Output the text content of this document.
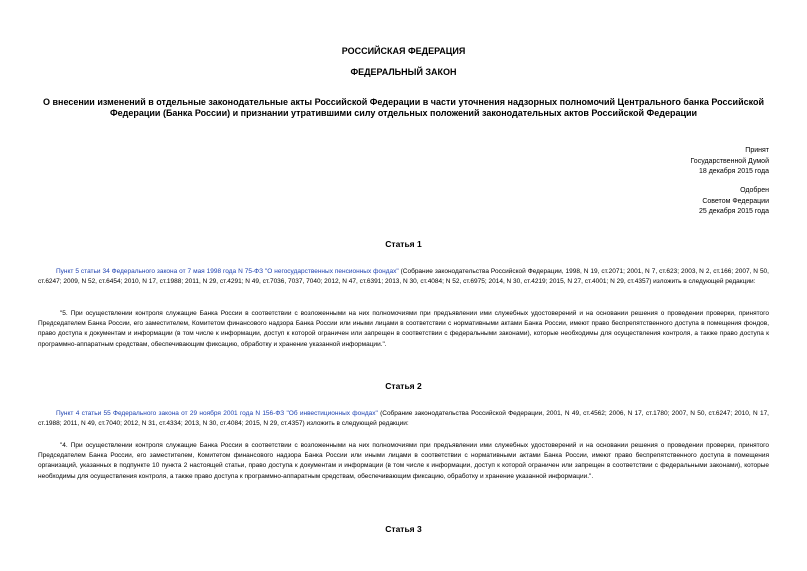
РОССИЙСКАЯ ФЕДЕРАЦИЯ
ФЕДЕРАЛЬНЫЙ ЗАКОН
О внесении изменений в отдельные законодательные акты Российской Федерации в части уточнения надзорных полномочий Центрального банка Российской Федерации (Банка России) и признании утратившими силу отдельных положений законодательных актов Российской Федерации
Принят
Государственной Думой
18 декабря 2015 года
Одобрен
Советом Федерации
25 декабря 2015 года
Статья 1
Пункт 5 статьи 34 Федерального закона от 7 мая 1998 года N 75-ФЗ "О негосударственных пенсионных фондах" (Собрание законодательства Российской Федерации, 1998, N 19, ст.2071; 2001, N 7, ст.623; 2003, N 2, ст.166; 2007, N 50, ст.6247; 2009, N 52, ст.6454; 2010, N 17, ст.1988; 2011, N 29, ст.4291; N 49, ст.7036, 7037, 7040; 2012, N 47, ст.6391; 2013, N 30, ст.4084; N 52, ст.6975; 2014, N 30, ст.4219; 2015, N 27, ст.4001; N 29, ст.4357) изложить в следующей редакции:
"5. При осуществлении контроля служащие Банка России в соответствии с возложенными на них полномочиями при предъявлении ими служебных удостоверений и на основании решения о проведении проверки, принятого Председателем Банка России, его заместителем, Комитетом финансового надзора Банка России или иными лицами в соответствии с нормативными актами Банка России, имеют право беспрепятственного доступа в помещения фондов, право доступа к документам и информации (в том числе к информации, доступ к которой ограничен или запрещен в соответствии с федеральными законами), которые необходимы для осуществления контроля, а также право доступа к программно-аппаратным средствам, обеспечивающим фиксацию, обработку и хранение указанной информации.".
Статья 2
Пункт 4 статьи 55 Федерального закона от 29 ноября 2001 года N 156-ФЗ "Об инвестиционных фондах" (Собрание законодательства Российской Федерации, 2001, N 49, ст.4562; 2006, N 17, ст.1780; 2007, N 50, ст.6247; 2010, N 17, ст.1988; 2011, N 49, ст.7040; 2012, N 31, ст.4334; 2013, N 30, ст.4084; 2015, N 29, ст.4357) изложить в следующей редакции:
"4. При осуществлении контроля служащие Банка России в соответствии с возложенными на них полномочиями при предъявлении ими служебных удостоверений и на основании решения о проведении проверки, принятого Председателем Банка России, его заместителем, Комитетом финансового надзора Банка России или иными лицами в соответствии с нормативными актами Банка России, имеют право беспрепятственного доступа в помещения организаций, указанных в подпункте 10 пункта 2 настоящей статьи, право доступа к документам и информации (в том числе к информации, доступ к которой ограничен или запрещен в соответствии с федеральными законами), которые необходимы для осуществления контроля, а также право доступа к программно-аппаратным средствам, обеспечивающим фиксацию, обработку и хранение указанной информации.".
Статья 3
